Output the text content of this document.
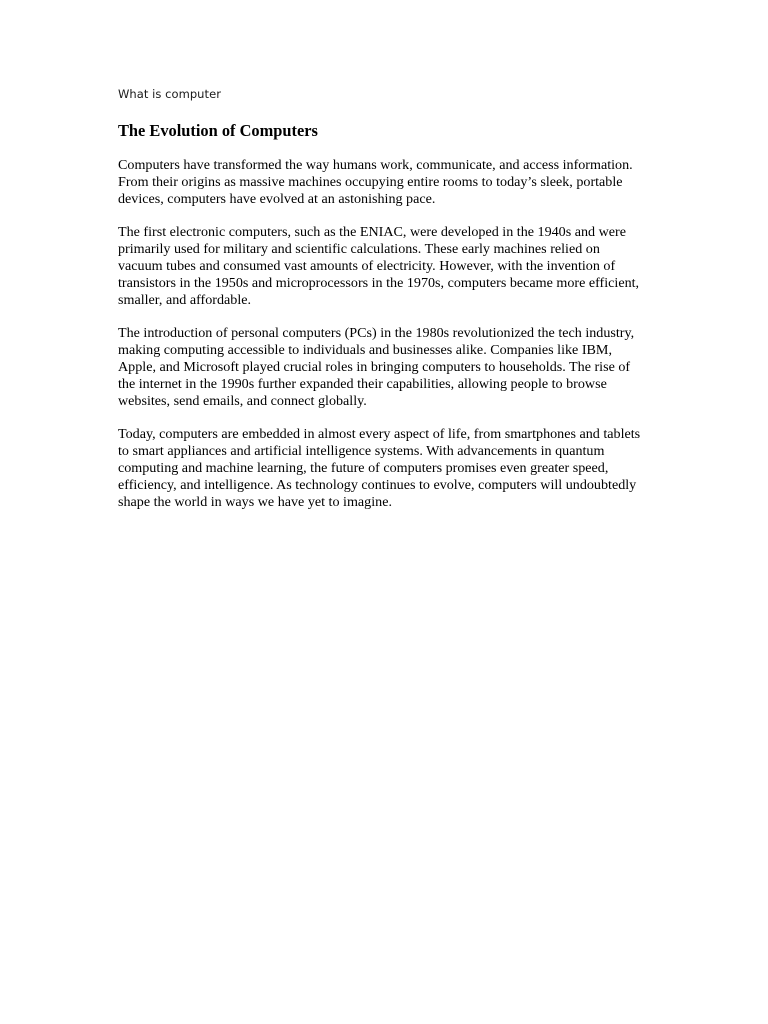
What is computer
The Evolution of Computers

Computers have transformed the way humans work, communicate, and access information.
From their origins as massive machines occupying entire rooms to today’s sleek, portable
devices, computers have evolved at an astonishing pace.

The first electronic computers, such as the ENIAC, were developed in the 1940s and were
primarily used for military and scientific calculations. These early machines relied on
vacuum tubes and consumed vast amounts of electricity. However, with the invention of
transistors in the 1950s and microprocessors in the 1970s, computers became more efficient,
smaller, and affordable.

The introduction of personal computers (PCs) in the 1980s revolutionized the tech industry,
making computing accessible to individuals and businesses alike. Companies like IBM,
Apple, and Microsoft played crucial roles in bringing computers to households. The rise of
the internet in the 1990s further expanded their capabilities, allowing people to browse
websites, send emails, and connect globally.

Today, computers are embedded in almost every aspect of life, from smartphones and tablets
to smart appliances and artificial intelligence systems. With advancements in quantum
computing and machine learning, the future of computers promises even greater speed,
efficiency, and intelligence. As technology continues to evolve, computers will undoubtedly
shape the world in ways we have yet to imagine.
